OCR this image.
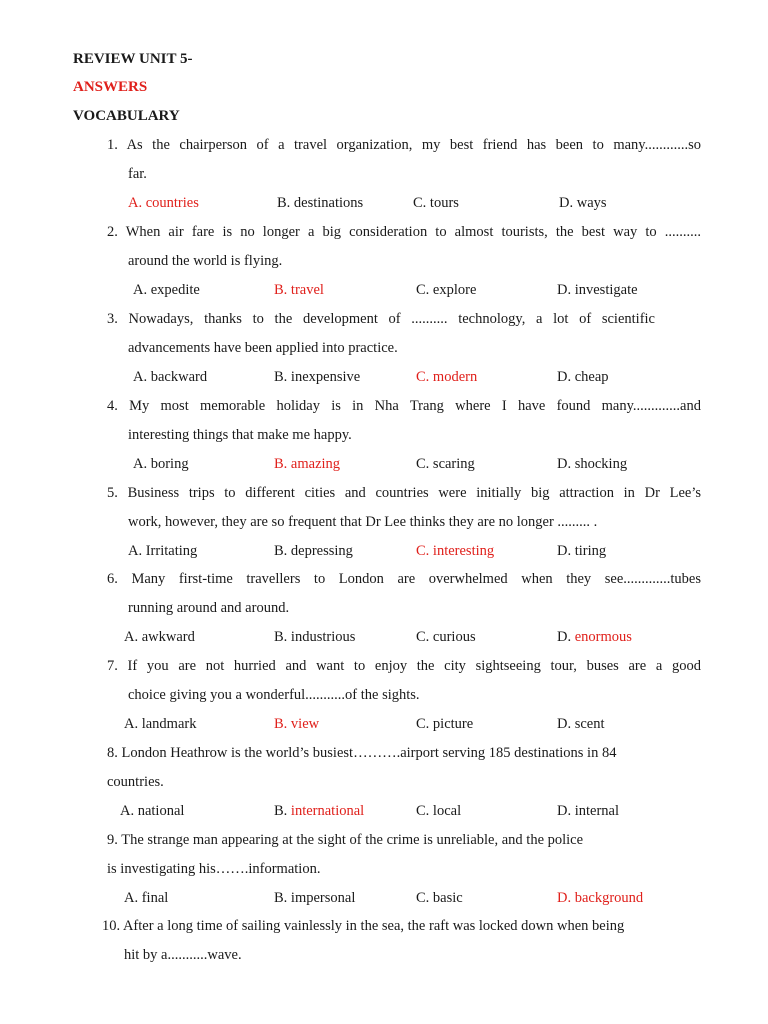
REVIEW UNIT 5-
ANSWERS
VOCABULARY
1. As the chairperson of a travel organization, my best friend has been to many............so
far.
A. countries	B. destinations	C. tours	D. ways
2. When air fare is no longer a big consideration to almost tourists, the best way to ..........
around the world is flying.
A. expedite	B. travel	C. explore	D. investigate
3. Nowadays, thanks to the development of .......... technology, a lot of scientific
advancements have been applied into practice.
A. backward	B. inexpensive	C. modern	D. cheap
4. My most memorable holiday is in Nha Trang where I have found many.............and
interesting things that make me happy.
A. boring	B. amazing	C. scaring	D. shocking
5. Business trips to different cities and countries were initially big attraction in Dr Lee’s
work, however, they are so frequent that Dr Lee thinks they are no longer ......... .
A. Irritating	B. depressing	C. interesting	D. tiring
6. Many first-time travellers to London are overwhelmed when they see.............tubes
running around and around.
A. awkward	B. industrious	C. curious	D. enormous
7. If you are not hurried and want to enjoy the city sightseeing tour, buses are a good
choice giving you a wonderful...........of the sights.
A. landmark	B. view	C. picture	D. scent
8. London Heathrow is the world’s busiest……….airport serving 185 destinations in 84
countries.
A. national	B. international	C. local	D. internal
9. The strange man appearing at the sight of the crime is unreliable, and the police
is investigating his…….information.
A. final	B. impersonal	C. basic	D. background
10. After a long time of sailing vainlessly in the sea, the raft was locked down when being
hit by a...........wave.
